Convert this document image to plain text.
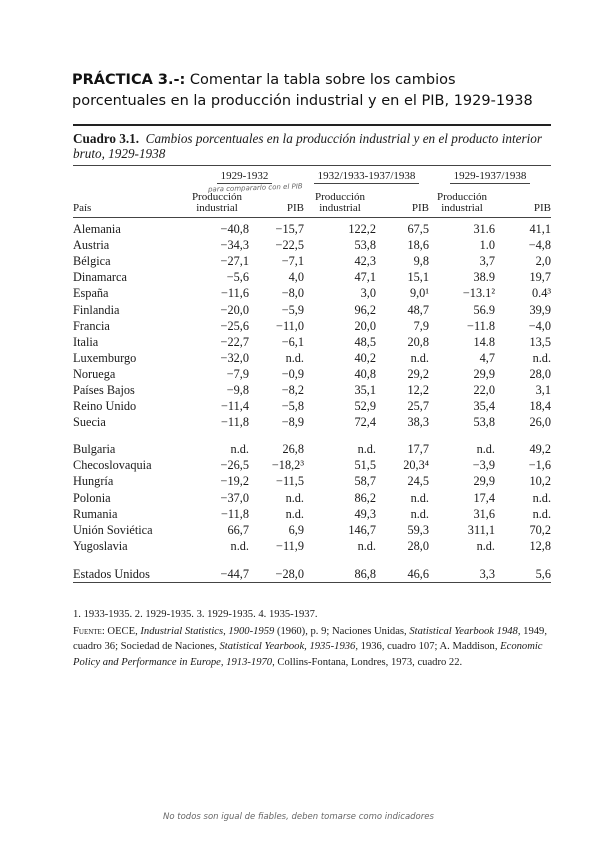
PRÁCTICA 3.-: Comentar la tabla sobre los cambios porcentuales en la producción industrial y en el PIB, 1929-1938
Cuadro 3.1. Cambios porcentuales en la producción industrial y en el producto interior bruto, 1929-1938
	1929-1932		1932/1933-1937/1938		1929-1937/1938	
País	Producción industrial	PIB	Producción industrial	PIB	Producción industrial	PIB

Alemania	−40,8	−15,7	122,2	67,5	31.6	41,1
Austria	−34,3	−22,5	53,8	18,6	1.0	−4,8
Bélgica	−27,1	−7,1	42,3	9,8	3,7	2,0
Dinamarca	−5,6	4,0	47,1	15,1	38.9	19,7
España	−11,6	−8,0	3,0	9,0¹	−13.1²	0.4³
Finlandia	−20,0	−5,9	96,2	48,7	56.9	39,9
Francia	−25,6	−11,0	20,0	7,9	−11.8	−4,0
Italia	−22,7	−6,1	48,5	20,8	14.8	13,5
Luxemburgo	−32,0	n.d.	40,2	n.d.	4,7	n.d.
Noruega	−7,9	−0,9	40,8	29,2	29,9	28,0
Países Bajos	−9,8	−8,2	35,1	12,2	22,0	3,1
Reino Unido	−11,4	−5,8	52,9	25,7	35,4	18,4
Suecia	−11,8	−8,9	72,4	38,3	53,8	26,0

Bulgaria	n.d.	26,8	n.d.	17,7	n.d.	49,2
Checoslovaquia	−26,5	−18,2³	51,5	20,3⁴	−3,9	−1,6
Hungría	−19,2	−11,5	58,7	24,5	29,9	10,2
Polonia	−37,0	n.d.	86,2	n.d.	17,4	n.d.
Rumania	−11,8	n.d.	49,3	n.d.	31,6	n.d.
Unión Soviética	66,7	6,9	146,7	59,3	311,1	70,2
Yugoslavia	n.d.	−11,9	n.d.	28,0	n.d.	12,8

Estados Unidos	−44,7	−28,0	86,8	46,6	3,3	5,6

1. 1933-1935. 2. 1929-1935. 3. 1929-1935. 4. 1935-1937.
Fuente: OECE, Industrial Statistics, 1900-1959 (1960), p. 9; Naciones Unidas, Statistical Yearbook 1948, 1949, cuadro 36; Sociedad de Naciones, Statistical Yearbook, 1935-1936, 1936, cuadro 107; A. Maddison, Economic Policy and Performance in Europe, 1913-1970, Collins-Fontana, Londres, 1973, cuadro 22.
para compararlo con el PIB
No todos son igual de fiables, deben tomarse como indicadores
